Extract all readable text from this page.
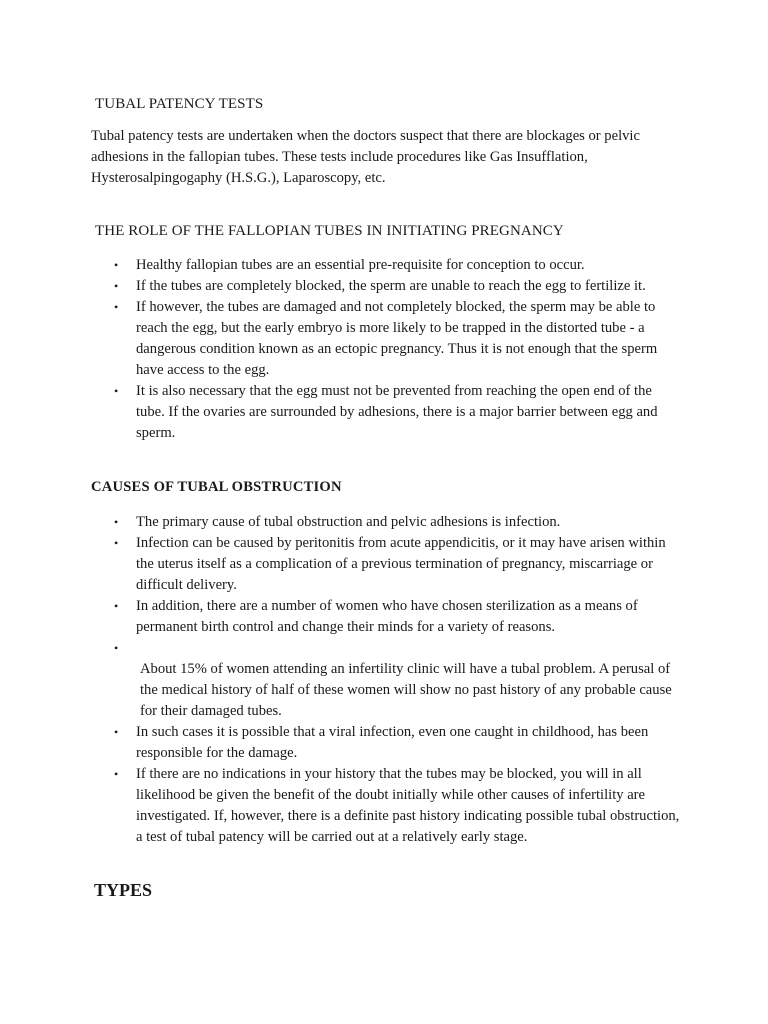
TUBAL PATENCY TESTS

Tubal patency tests are undertaken when the doctors suspect that there are blockages or pelvic adhesions in the fallopian tubes. These tests include procedures like Gas Insufflation, Hysterosalpingogaphy (H.S.G.), Laparoscopy, etc.

THE ROLE OF THE FALLOPIAN TUBES IN INITIATING PREGNANCY
• Healthy fallopian tubes are an essential pre-requisite for conception to occur.
• If the tubes are completely blocked, the sperm are unable to reach the egg to fertilize it.
• If however, the tubes are damaged and not completely blocked, the sperm may be able to reach the egg, but the early embryo is more likely to be trapped in the distorted tube - a dangerous condition known as an ectopic pregnancy. Thus it is not enough that the sperm have access to the egg.
• It is also necessary that the egg must not be prevented from reaching the open end of the tube. If the ovaries are surrounded by adhesions, there is a major barrier between egg and sperm.
CAUSES OF TUBAL OBSTRUCTION
• The primary cause of tubal obstruction and pelvic adhesions is infection.
• Infection can be caused by peritonitis from acute appendicitis, or it may have arisen within the uterus itself as a complication of a previous termination of pregnancy, miscarriage or difficult delivery.
• In addition, there are a number of women who have chosen sterilization as a means of permanent birth control and change their minds for a variety of reasons.
•
About 15% of women attending an infertility clinic will have a tubal problem. A perusal of the medical history of half of these women will show no past history of any probable cause for their damaged tubes.
• In such cases it is possible that a viral infection, even one caught in childhood, has been responsible for the damage.
• If there are no indications in your history that the tubes may be blocked, you will in all likelihood be given the benefit of the doubt initially while other causes of infertility are investigated. If, however, there is a definite past history indicating possible tubal obstruction, a test of tubal patency will be carried out at a relatively early stage.
TYPES
